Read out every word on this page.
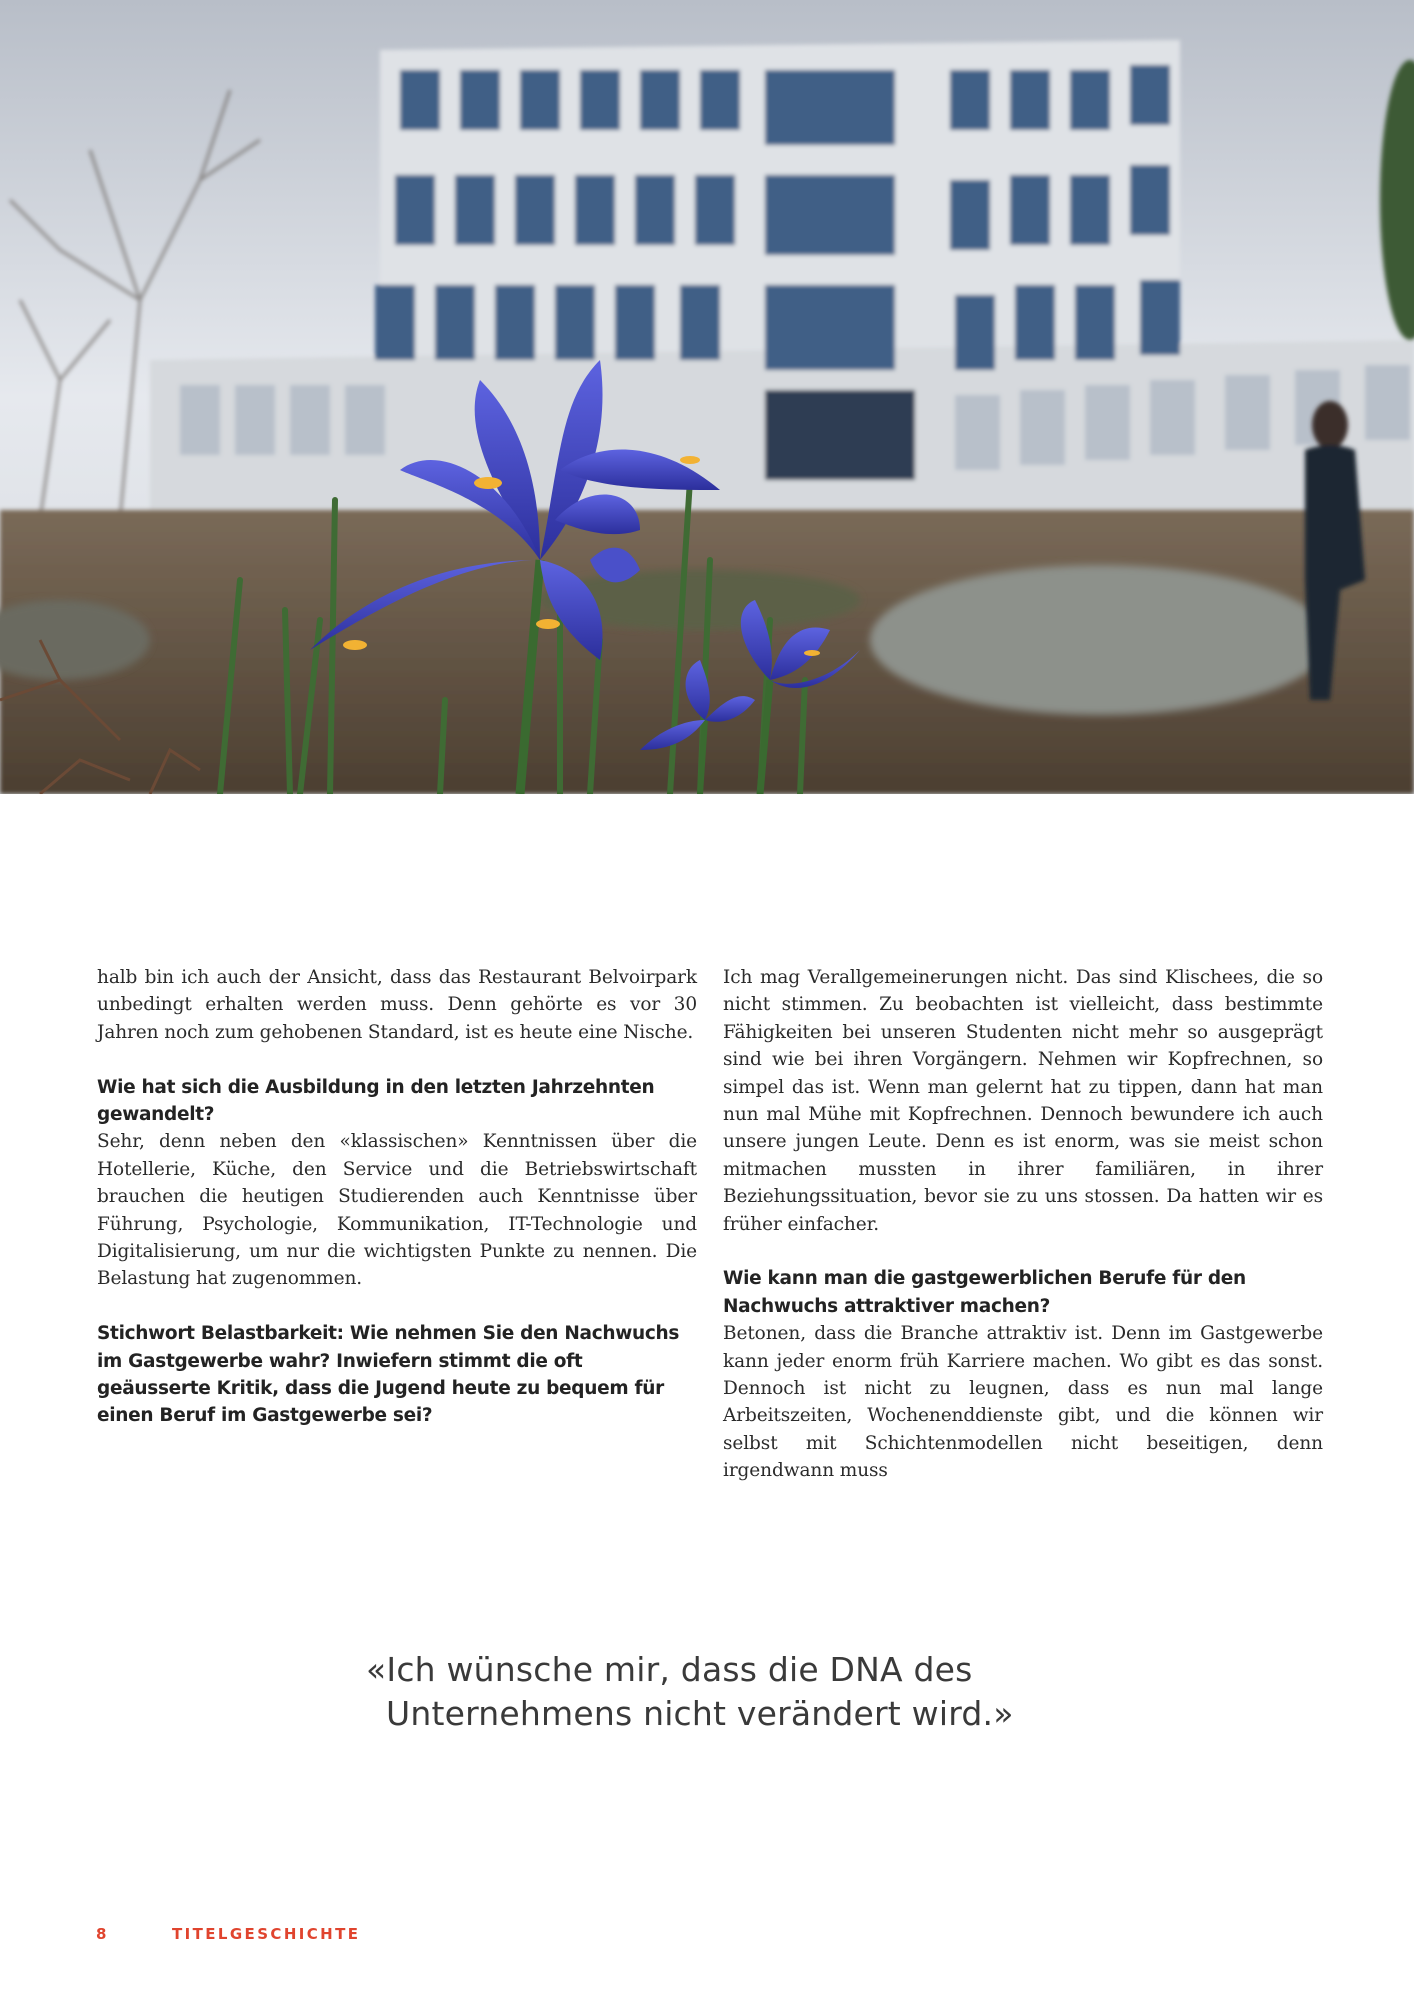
halb bin ich auch der Ansicht, dass das Restaurant Belvoirpark unbedingt erhalten werden muss. Denn gehörte es vor 30 Jahren noch zum gehobenen Standard, ist es heute eine Nische.

Wie hat sich die Ausbildung in den letzten Jahrzehnten gewandelt?

Sehr, denn neben den «klassischen» Kenntnissen über die Hotellerie, Küche, den Service und die Betriebswirtschaft brauchen die heutigen Studierenden auch Kenntnisse über Führung, Psychologie, Kommunikation, IT-Technologie und Digitalisierung, um nur die wichtigsten Punkte zu nennen. Die Belastung hat zugenommen.

Stichwort Belastbarkeit: Wie nehmen Sie den Nachwuchs im Gastgewerbe wahr? Inwiefern stimmt die oft geäusserte Kritik, dass die Jugend heute zu bequem für einen Beruf im Gastgewerbe sei?

Ich mag Verallgemeinerungen nicht. Das sind Klischees, die so nicht stimmen. Zu beobachten ist vielleicht, dass bestimmte Fähigkeiten bei unseren Studenten nicht mehr so ausgeprägt sind wie bei ihren Vorgängern. Nehmen wir Kopfrechnen, so simpel das ist. Wenn man gelernt hat zu tippen, dann hat man nun mal Mühe mit Kopfrechnen. Dennoch bewundere ich auch unsere jungen Leute. Denn es ist enorm, was sie meist schon mitmachen mussten in ihrer familiären, in ihrer Beziehungssituation, bevor sie zu uns stossen. Da hatten wir es früher einfacher.

Wie kann man die gastgewerblichen Berufe für den Nachwuchs attraktiver machen?

Betonen, dass die Branche attraktiv ist. Denn im Gastgewerbe kann jeder enorm früh Karriere machen. Wo gibt es das sonst. Dennoch ist nicht zu leugnen, dass es nun mal lange Arbeitszeiten, Wochenenddienste gibt, und die können wir selbst mit Schichtenmodellen nicht beseitigen, denn irgendwann muss

«Ich wünsche mir, dass die DNA des
Unternehmens nicht verändert wird.»
8	TITELGESCHICHTE
